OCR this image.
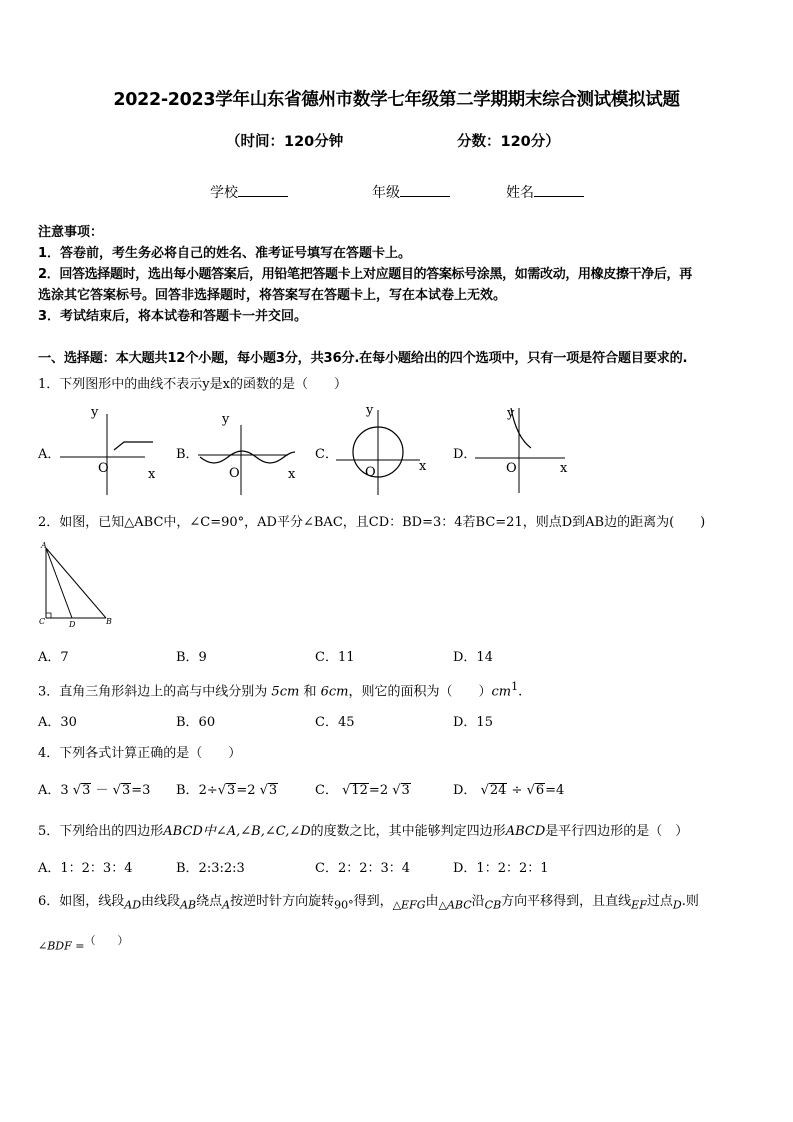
2022-2023学年山东省德州市数学七年级第二学期期末综合测试模拟试题
（时间：120分钟	分数：120分）
学校	年级	姓名
注意事项：
1．答卷前，考生务必将自己的姓名、准考证号填写在答题卡上。
2．回答选择题时，选出每小题答案后，用铅笔把答题卡上对应题目的答案标号涂黑，如需改动，用橡皮擦干净后，再
选涂其它答案标号。回答非选择题时，将答案写在答题卡上，写在本试卷上无效。
3．考试结束后，将本试卷和答题卡一并交回。
一、选择题：本大题共12个小题，每小题3分，共36分.在每小题给出的四个选项中，只有一项是符合题目要求的.
1．下列图形中的曲线不表示y是x的函数的是（　　）
A．	B．	C．	D．
y
O	x
y
O	x
y
O	x
y
O	x
2．如图，已知△ABC中，∠C=90°，AD平分∠BAC，且CD：BD=3：4若BC=21，则点D到AB边的距离为(　　)
A
C	D	B
A．7	B．9	C．11	D．14
3．直角三角形斜边上的高与中线分别为 5cm 和 6cm，则它的面积为（　　）$cm^1$.
A．30	B．60	C．45	D．15
4．下列各式计算正确的是（　　）
A．3 √3 － √3=3 B．2÷√3=2 √3	C． √12=2 √3	D． √24 ÷ √6=4
5．下列给出的四边形ABCD中∠A,∠B,∠C,∠D的度数之比，其中能够判定四边形ABCD是平行四边形的是（　）
A．1：2：3：4	B．2:3:2:3	C．2：2：3：4	D．1：2：2：1
6．如图，线段$_{AD}$由线段$_{AB}$绕点$_A$按逆时针方向旋转$_{90^\circ}$得到，$_{\triangle EFG}$由$_{\triangle ABC}$沿$_{CB}$方向平移得到，且直线$_{EF}$过点$_D$.则
∠BDF =（　　）
